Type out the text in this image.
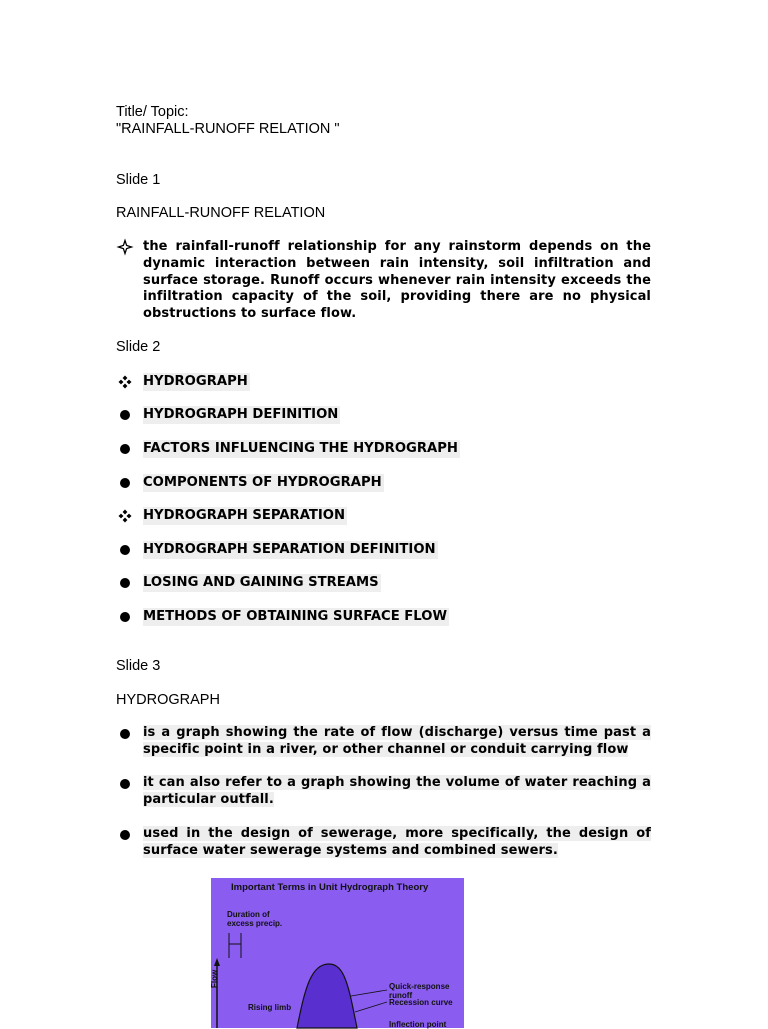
Title/ Topic:
"RAINFALL-RUNOFF RELATION "
Slide 1
RAINFALL-RUNOFF RELATION
the rainfall-runoff relationship for any rainstorm depends on the
dynamic interaction between rain intensity, soil infiltration and
surface storage. Runoff occurs whenever rain intensity exceeds the
infiltration capacity of the soil, providing there are no physical
obstructions to surface flow.
Slide 2
HYDROGRAPH
HYDROGRAPH DEFINITION
FACTORS INFLUENCING THE HYDROGRAPH
COMPONENTS OF HYDROGRAPH
HYDROGRAPH SEPARATION
HYDROGRAPH SEPARATION DEFINITION
LOSING AND GAINING STREAMS
METHODS OF OBTAINING SURFACE FLOW
Slide 3
HYDROGRAPH
is a graph showing the rate of flow (discharge) versus time past a
specific point in a river, or other channel or conduit carrying flow
it can also refer to a graph showing the volume of water reaching a
particular outfall.
used in the design of sewerage, more specifically, the design of
surface water sewerage systems and combined sewers.
Important Terms in Unit Hydrograph Theory
Duration of
excess precip.
Flow
Rising limb
Quick-response
runoff
Recession curve
Inflection point
